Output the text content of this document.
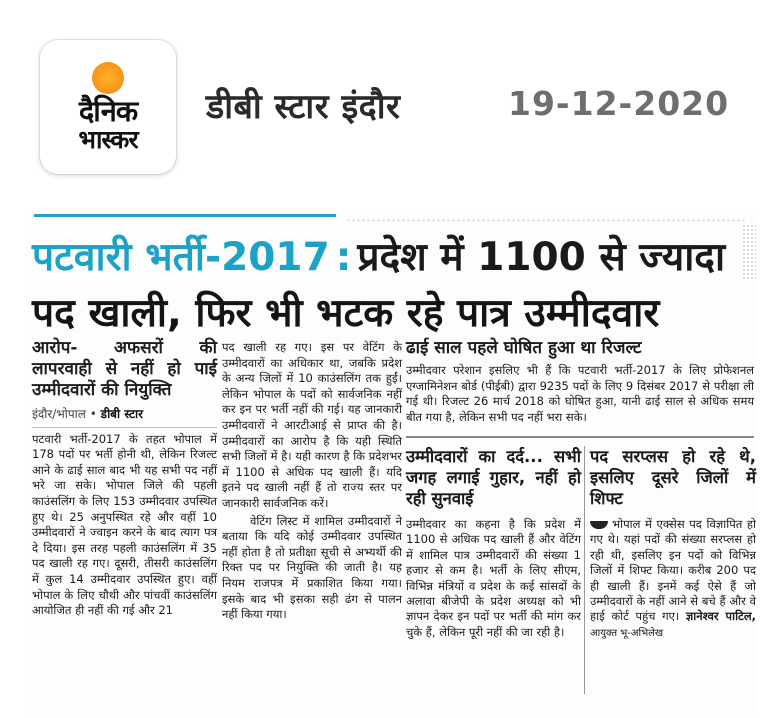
दैनिक
भास्कर
डीबी स्टार इंदौर	19-12-2020
पटवारी भर्ती-2017 : प्रदेश में 1100 से ज्यादा
पद खाली, फिर भी भटक रहे पात्र उम्मीदवार
आरोप- अफसरों की लापरवाही से नहीं हो पाई उम्मीदवारों की नियुक्ति
इंदौर/भोपाल • डीबी स्टार
पटवारी भर्ती-2017 के तहत भोपाल में 178 पदों पर भर्ती होनी थी, लेकिन रिजल्ट आने के ढाई साल बाद भी यह सभी पद नहीं भरे जा सके। भोपाल जिले की पहली काउंसलिंग के लिए 153 उम्मीदवार उपस्थित हुए थे। 25 अनुपस्थित रहे और वहीं 10 उम्मीदवारों ने ज्वाइन करने के बाद त्याग पत्र दे दिया। इस तरह पहली काउंसलिंग में 35 पद खाली रह गए। दूसरी, तीसरी काउंसलिंग में कुल 14 उम्मीदवार उपस्थित हुए। वहीं भोपाल के लिए चौथी और पांचवीं काउंसलिंग आयोजित ही नहीं की गई और 21
पद खाली रह गए। इस पर वेटिंग के उम्मीदवारों का अधिकार था, जबकि प्रदेश के अन्य जिलों में 10 काउंसलिंग तक हुईं। लेकिन भोपाल के पदों को सार्वजनिक नहीं कर इन पर भर्ती नहीं की गई। यह जानकारी उम्मीदवारों ने आरटीआई से प्राप्त की है। उम्मीदवारों का आरोप है कि यही स्थिति सभी जिलों में है। यही कारण है कि प्रदेशभर में 1100 से अधिक पद खाली हैं। यदि इतने पद खाली नहीं हैं तो राज्य स्तर पर जानकारी सार्वजनिक करें।
वेटिंग लिस्ट में शामिल उम्मीदवारों ने बताया कि यदि कोई उम्मीदवार उपस्थित नहीं होता है तो प्रतीक्षा सूची से अभ्यर्थी की रिक्त पद पर नियुक्ति की जाती है। यह नियम राजपत्र में प्रकाशित किया गया। इसके बाद भी इसका सही ढंग से पालन नहीं किया गया।
ढाई साल पहले घोषित हुआ था रिजल्ट
उम्मीदवार परेशान इसलिए भी हैं कि पटवारी भर्ती-2017 के लिए प्रोफेशनल एग्जामिनेशन बोर्ड (पीईबी) द्वारा 9235 पदों के लिए 9 दिसंबर 2017 से परीक्षा ली गई थी। रिजल्ट 26 मार्च 2018 को घोषित हुआ, यानी ढाई साल से अधिक समय बीत गया है, लेकिन सभी पद नहीं भरा सके।
उम्मीदवारों का दर्द... सभी जगह लगाई गुहार, नहीं हो रही सुनवाई
उम्मीदवार का कहना है कि प्रदेश में 1100 से अधिक पद खाली हैं और वेटिंग में शामिल पात्र उम्मीदवारों की संख्या 1 हजार से कम है। भर्ती के लिए सीएम, विभिन्न मंत्रियों व प्रदेश के कई सांसदों के अलावा बीजेपी के प्रदेश अध्यक्ष को भी ज्ञापन देकर इन पदों पर भर्ती की मांग कर चुके हैं, लेकिन पूरी नहीं की जा रही है।
पद सरप्लस हो रहे थे, इसलिए दूसरे जिलों में शिफ्ट
भोपाल में एक्सेस पद विज्ञापित हो गए थे। यहां पदों की संख्या सरप्लस हो रही थी, इसलिए इन पदों को विभिन्न जिलों में शिफ्ट किया। करीब 200 पद ही खाली हैं। इनमें कई ऐसे हैं जो उम्मीदवारों के नहीं आने से बचे हैं और वे हाई कोर्ट पहुंच गए। ज्ञानेश्वर पाटिल, आयुक्त भू-अभिलेख
